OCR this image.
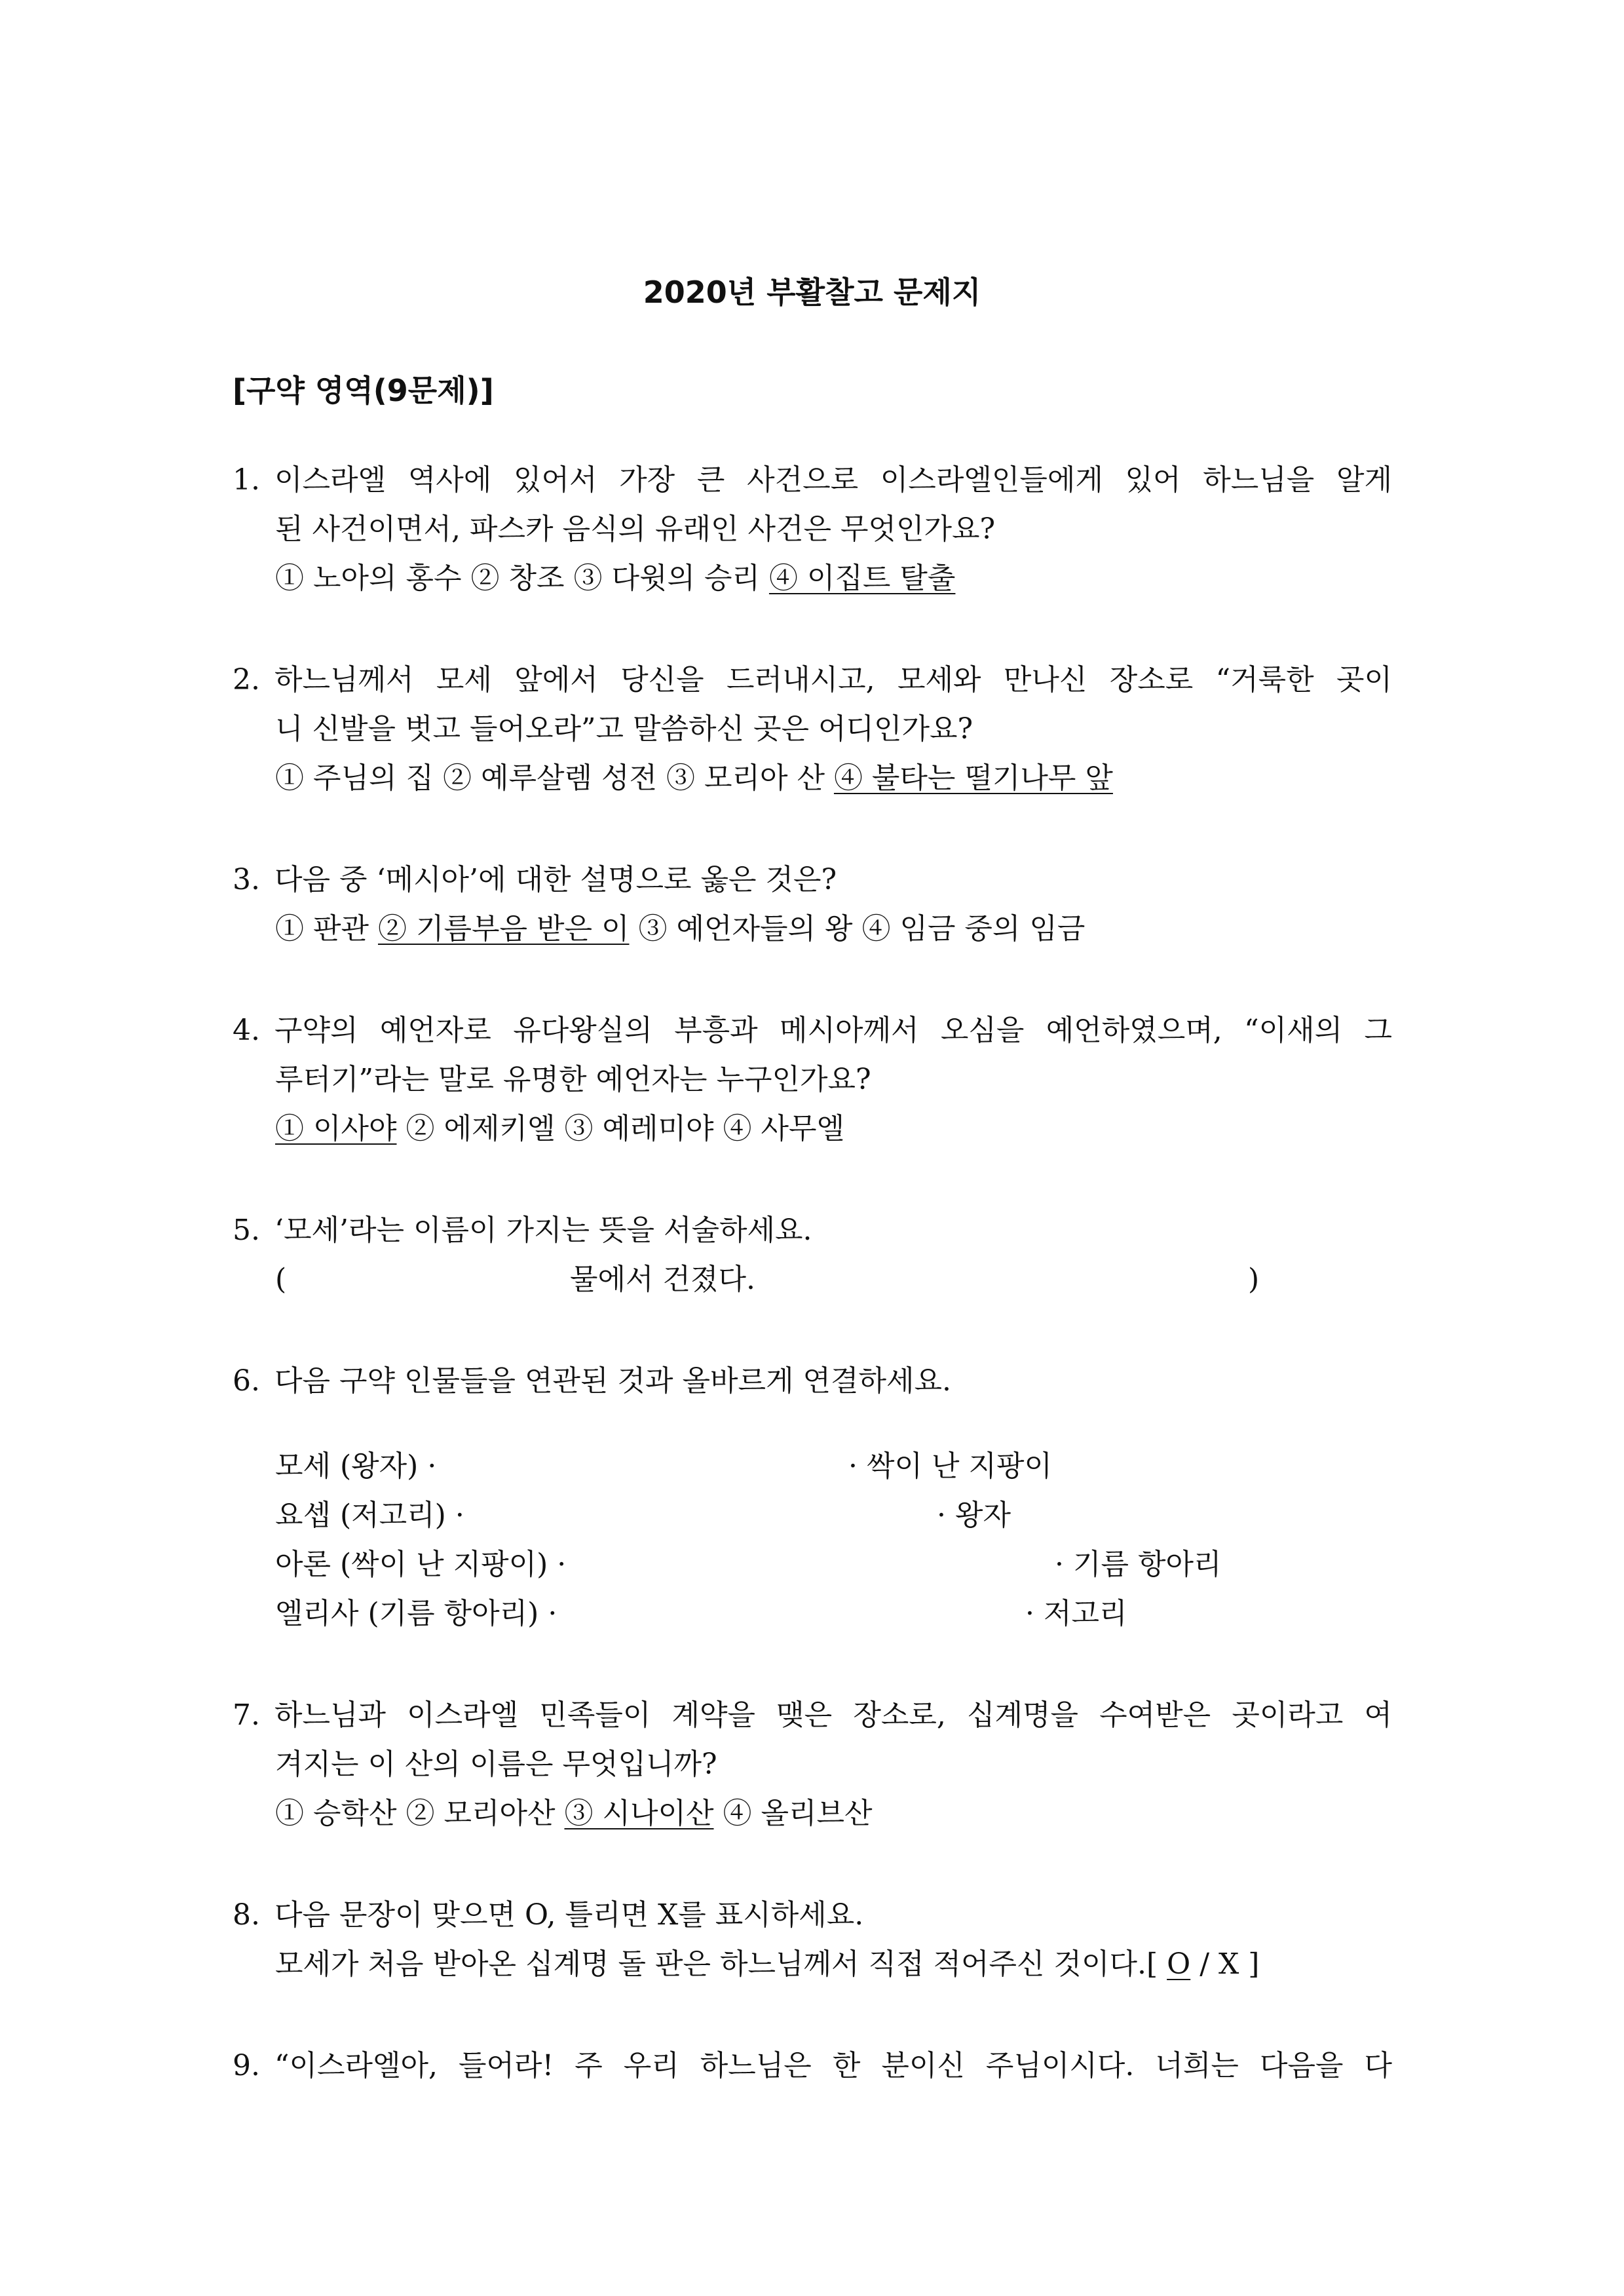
2020년 부활찰고 문제지
[구약 영역(9문제)]
1. 이스라엘 역사에 있어서 가장 큰 사건으로 이스라엘인들에게 있어 하느님을 알게
된 사건이면서, 파스카 음식의 유래인 사건은 무엇인가요?
① 노아의 홍수 ② 창조 ③ 다윗의 승리 ④ 이집트 탈출
2. 하느님께서 모세 앞에서 당신을 드러내시고, 모세와 만나신 장소로 “거룩한 곳이
니 신발을 벗고 들어오라”고 말씀하신 곳은 어디인가요?
① 주님의 집 ② 예루살렘 성전 ③ 모리아 산 ④ 불타는 떨기나무 앞
3. 다음 중 ‘메시아’에 대한 설명으로 옳은 것은?
① 판관 ② 기름부음 받은 이 ③ 예언자들의 왕 ④ 임금 중의 임금
4. 구약의 예언자로 유다왕실의 부흥과 메시아께서 오심을 예언하였으며, “이새의 그
루터기”라는 말로 유명한 예언자는 누구인가요?
① 이사야 ② 에제키엘 ③ 예레미야 ④ 사무엘
5. ‘모세’라는 이름이 가지는 뜻을 서술하세요.
(	물에서 건졌다.	)
6. 다음 구약 인물들을 연관된 것과 올바르게 연결하세요.
모세 (왕자) ·
요셉 (저고리) ·
아론 (싹이 난 지팡이) ·
엘리사 (기름 항아리) ·
· 싹이 난 지팡이
· 왕자
· 기름 항아리
· 저고리
7. 하느님과 이스라엘 민족들이 계약을 맺은 장소로, 십계명을 수여받은 곳이라고 여
겨지는 이 산의 이름은 무엇입니까?
① 승학산 ② 모리아산 ③ 시나이산 ④ 올리브산
8. 다음 문장이 맞으면 O, 틀리면 X를 표시하세요.
모세가 처음 받아온 십계명 돌 판은 하느님께서 직접 적어주신 것이다.[ O / X ]
9. “이스라엘아, 들어라! 주 우리 하느님은 한 분이신 주님이시다. 너희는 다음을 다
